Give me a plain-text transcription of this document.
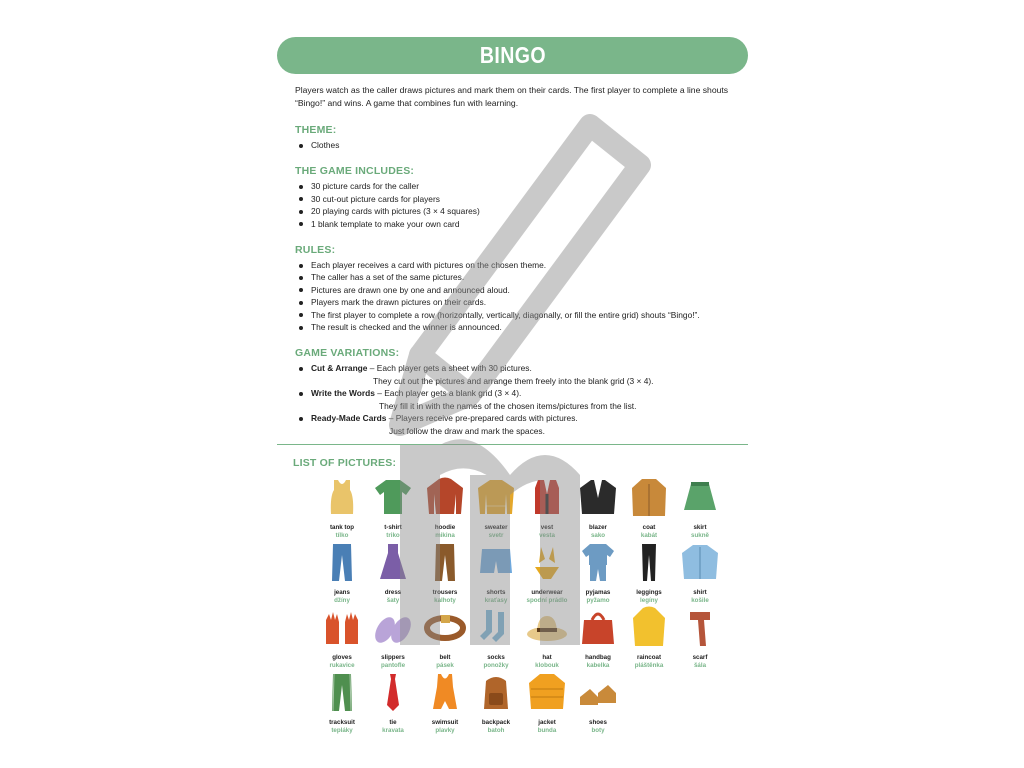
BINGO

Players watch as the caller draws pictures and mark them on their cards. The first player to complete a line shouts “Bingo!” and wins. A game that combines fun with learning.

THEME:
Clothes
THE GAME INCLUDES:
30 picture cards for the caller
30 cut-out picture cards for players
20 playing cards with pictures (3 × 4 squares)
1 blank template to make your own card
RULES:
Each player receives a card with pictures on the chosen theme.
The caller has a set of the same pictures.
Pictures are drawn one by one and announced aloud.
Players mark the drawn pictures on their cards.
The first player to complete a row (horizontally, vertically, diagonally, or fill the entire grid) shouts “Bingo!”.
The result is checked and the winner is announced.
GAME VARIATIONS:
Cut & Arrange – Each player gets a sheet with 30 pictures.
They cut out the pictures and arrange them freely into the blank grid (3 × 4).
Write the Words – Each player gets a blank grid (3 × 4).
They fill it in with the names of the chosen items/pictures from the list.
Ready-Made Cards – Players receive pre-prepared cards with pictures.
Just follow the draw and mark the spaces.
LIST OF PICTURES:
tank top
tílko
t-shirt
triko
hoodie
mikina
sweater
svetr
vest
vesta
blazer
sako
coat
kabát
skirt
sukně
jeans
džíny
dress
šaty
trousers
kalhoty
shorts
kraťasy
underwear
spodní prádlo
pyjamas
pyžamo
leggings
legíny
shirt
košile
gloves
rukavice
slippers
pantofle
belt
pásek
socks
ponožky
hat
klobouk
handbag
kabelka
raincoat
pláštěnka
scarf
šála
tracksuit
tepláky
tie
kravata
swimsuit
plavky
backpack
batoh
jacket
bunda
shoes
boty
